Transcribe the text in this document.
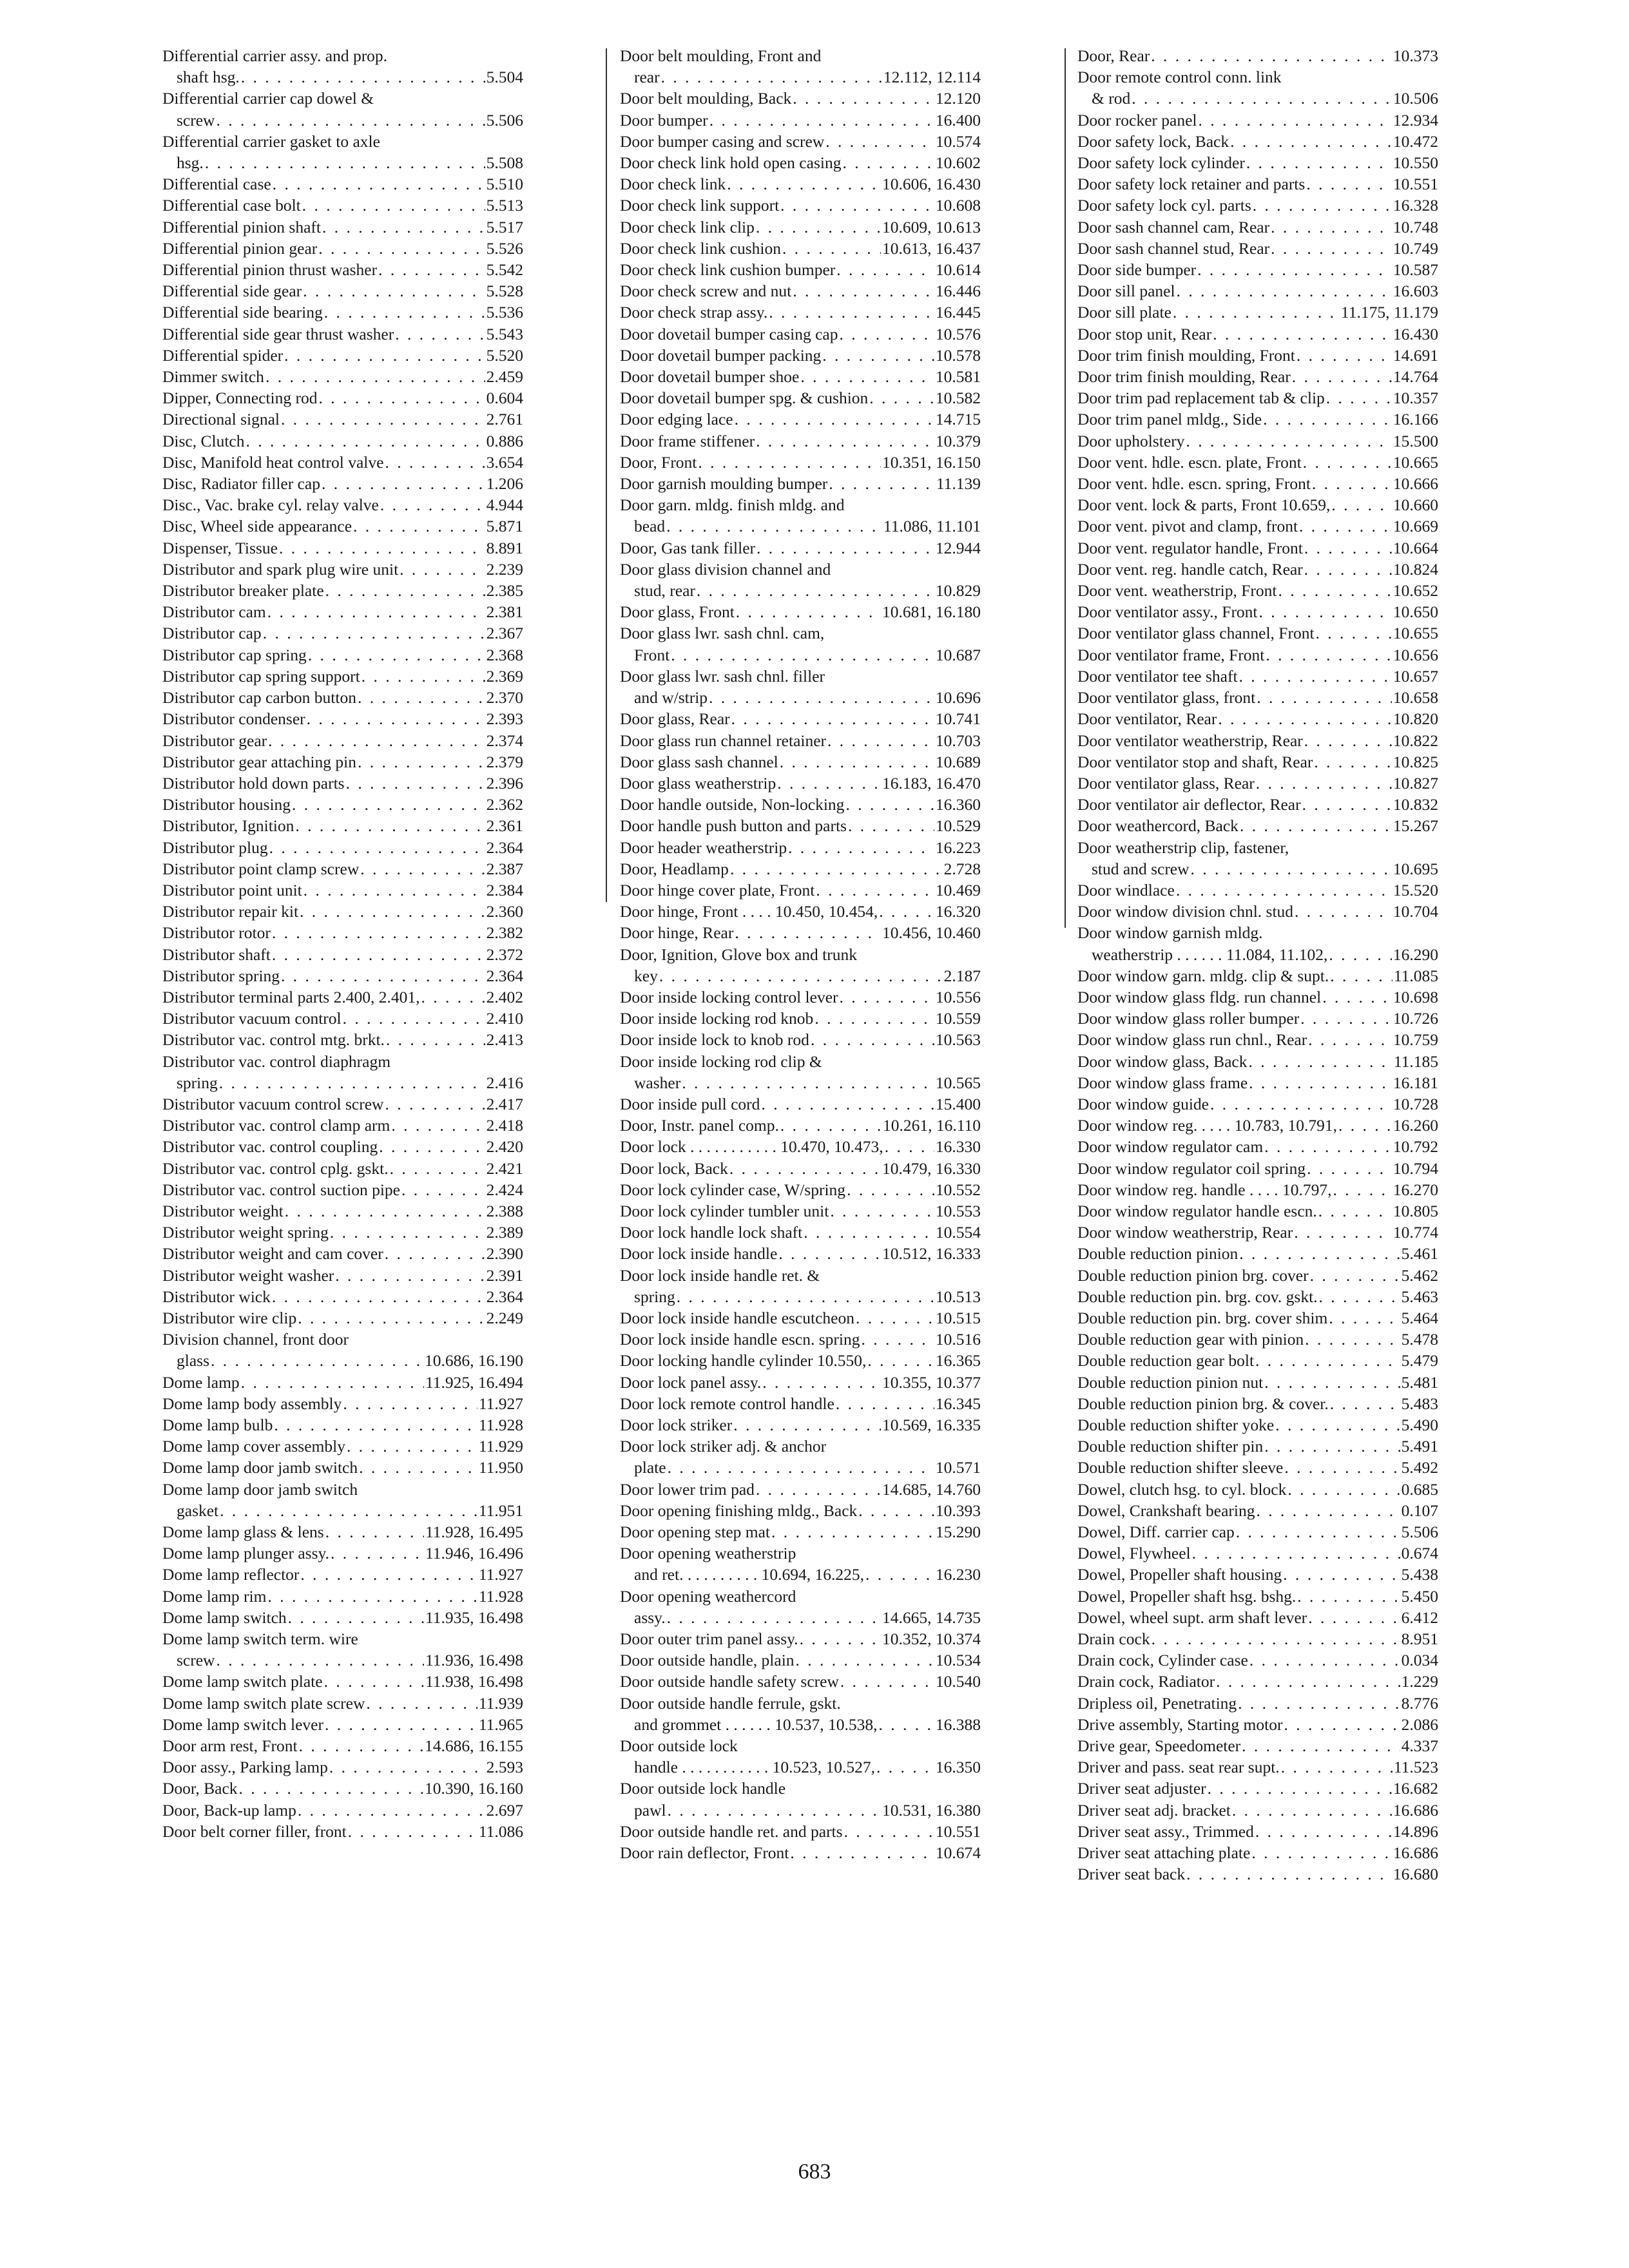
Differential carrier assy. and prop.
shaft hsg. . . .	5.504
Differential carrier cap dowel &
screw . . .	5.506
Differential carrier gasket to axle
hsg. . . .	5.508
Differential case . . .	5.510
Differential case bolt . . .	5.513
Differential pinion shaft . . .	5.517
Differential pinion gear . . .	5.526
Differential pinion thrust washer . . .	5.542
Differential side gear . . .	5.528
Differential side bearing . . .	5.536
Differential side gear thrust washer . . .	5.543
Differential spider . . .	5.520
Dimmer switch . . .	2.459
Dipper, Connecting rod . . .	0.604
Directional signal . . .	2.761
Disc, Clutch . . .	0.886
Disc, Manifold heat control valve . . .	3.654
Disc, Radiator filler cap . . .	1.206
Disc., Vac. brake cyl. relay valve . . .	4.944
Disc, Wheel side appearance . . .	5.871
Dispenser, Tissue . . .	8.891
Distributor and spark plug wire unit . . .	2.239
Distributor breaker plate . . .	2.385
Distributor cam . . .	2.381
Distributor cap . . .	2.367
Distributor cap spring . . .	2.368
Distributor cap spring support . . .	2.369
Distributor cap carbon button . . .	2.370
Distributor condenser . . .	2.393
Distributor gear . . .	2.374
Distributor gear attaching pin . . .	2.379
Distributor hold down parts . . .	2.396
Distributor housing . . .	2.362
Distributor, Ignition . . .	2.361
Distributor plug . . .	2.364
Distributor point clamp screw . . .	2.387
Distributor point unit . . .	2.384
Distributor repair kit . . .	2.360
Distributor rotor . . .	2.382
Distributor shaft . . .	2.372
Distributor spring . . .	2.364
Distributor terminal parts 2.400, 2.401, . . .	2.402
Distributor vacuum control . . .	2.410
Distributor vac. control mtg. brkt. . . .	2.413
Distributor vac. control diaphragm
spring . . .	2.416
Distributor vacuum control screw . . .	2.417
Distributor vac. control clamp arm . . .	2.418
Distributor vac. control coupling . . .	2.420
Distributor vac. control cplg. gskt. . . .	2.421
Distributor vac. control suction pipe . . .	2.424
Distributor weight . . .	2.388
Distributor weight spring . . .	2.389
Distributor weight and cam cover . . .	2.390
Distributor weight washer . . .	2.391
Distributor wick . . .	2.364
Distributor wire clip . . .	2.249
Division channel, front door
glass . . .	10.686, 16.190
Dome lamp . . .	11.925, 16.494
Dome lamp body assembly . . .	11.927
Dome lamp bulb . . .	11.928
Dome lamp cover assembly . . .	11.929
Dome lamp door jamb switch . . .	11.950
Dome lamp door jamb switch
gasket . . .	11.951
Dome lamp glass & lens . . .	11.928, 16.495
Dome lamp plunger assy. . . .	11.946, 16.496
Dome lamp reflector . . .	11.927
Dome lamp rim . . .	11.928
Dome lamp switch . . .	11.935, 16.498
Dome lamp switch term. wire
screw . . .	11.936, 16.498
Dome lamp switch plate . . .	11.938, 16.498
Dome lamp switch plate screw . . .	11.939
Dome lamp switch lever . . .	11.965
Door arm rest, Front . . .	14.686, 16.155
Door assy., Parking lamp . . .	2.593
Door, Back . . .	10.390, 16.160
Door, Back-up lamp . . .	2.697
Door belt corner filler, front . . .	11.086
Door belt moulding, Front and
rear . . .	12.112, 12.114
Door belt moulding, Back . . .	12.120
Door bumper . . .	16.400
Door bumper casing and screw . . .	10.574
Door check link hold open casing . . .	10.602
Door check link . . .	10.606, 16.430
Door check link support . . .	10.608
Door check link clip . . .	10.609, 10.613
Door check link cushion . . .	10.613, 16.437
Door check link cushion bumper . . .	10.614
Door check screw and nut . . .	16.446
Door check strap assy. . . .	16.445
Door dovetail bumper casing cap . . .	10.576
Door dovetail bumper packing . . .	10.578
Door dovetail bumper shoe . . .	10.581
Door dovetail bumper spg. & cushion . . .	10.582
Door edging lace . . .	14.715
Door frame stiffener . . .	10.379
Door, Front . . .	10.351, 16.150
Door garnish moulding bumper . . .	11.139
Door garn. mldg. finish mldg. and
bead . . .	11.086, 11.101
Door, Gas tank filler . . .	12.944
Door glass division channel and
stud, rear . . .	10.829
Door glass, Front . . .	10.681, 16.180
Door glass lwr. sash chnl. cam,
Front . . .	10.687
Door glass lwr. sash chnl. filler
and w/strip . . .	10.696
Door glass, Rear . . .	10.741
Door glass run channel retainer . . .	10.703
Door glass sash channel . . .	10.689
Door glass weatherstrip . . .	16.183, 16.470
Door handle outside, Non-locking . . .	16.360
Door handle push button and parts . . .	10.529
Door header weatherstrip . . .	16.223
Door, Headlamp . . .	2.728
Door hinge cover plate, Front . . .	10.469
Door hinge, Front . . . . 10.450, 10.454, . . .	16.320
Door hinge, Rear . . .	10.456, 10.460
Door, Ignition, Glove box and trunk
key . . .	2.187
Door inside locking control lever . . .	10.556
Door inside locking rod knob . . .	10.559
Door inside lock to knob rod . . .	10.563
Door inside locking rod clip &
washer . . .	10.565
Door inside pull cord . . .	15.400
Door, Instr. panel comp. . . .	10.261, 16.110
Door lock . . . . . . . . . . . 10.470, 10.473, . . .	16.330
Door lock, Back . . .	10.479, 16.330
Door lock cylinder case, W/spring . . .	10.552
Door lock cylinder tumbler unit . . .	10.553
Door lock handle lock shaft . . .	10.554
Door lock inside handle . . .	10.512, 16.333
Door lock inside handle ret. &
spring . . .	10.513
Door lock inside handle escutcheon . . .	10.515
Door lock inside handle escn. spring . . .	10.516
Door locking handle cylinder 10.550, . . .	16.365
Door lock panel assy. . . .	10.355, 10.377
Door lock remote control handle . . .	16.345
Door lock striker . . .	10.569, 16.335
Door lock striker adj. & anchor
plate . . .	10.571
Door lower trim pad . . .	14.685, 14.760
Door opening finishing mldg., Back . . .	10.393
Door opening step mat . . .	15.290
Door opening weatherstrip
and ret. . . . . . . . . . 10.694, 16.225, . . .	16.230
Door opening weathercord
assy. . . .	14.665, 14.735
Door outer trim panel assy. . . .	10.352, 10.374
Door outside handle, plain . . .	10.534
Door outside handle safety screw . . .	10.540
Door outside handle ferrule, gskt.
and grommet . . . . . . 10.537, 10.538, . . .	16.388
Door outside lock
handle . . . . . . . . . . . 10.523, 10.527, . . .	16.350
Door outside lock handle
pawl . . .	10.531, 16.380
Door outside handle ret. and parts . . .	10.551
Door rain deflector, Front . . .	10.674
Door, Rear . . .	10.373
Door remote control conn. link
& rod . . .	10.506
Door rocker panel . . .	12.934
Door safety lock, Back . . .	10.472
Door safety lock cylinder . . .	10.550
Door safety lock retainer and parts . . .	10.551
Door safety lock cyl. parts . . .	16.328
Door sash channel cam, Rear . . .	10.748
Door sash channel stud, Rear . . .	10.749
Door side bumper . . .	10.587
Door sill panel . . .	16.603
Door sill plate . . .	11.175, 11.179
Door stop unit, Rear . . .	16.430
Door trim finish moulding, Front . . .	14.691
Door trim finish moulding, Rear . . .	14.764
Door trim pad replacement tab & clip . . .	10.357
Door trim panel mldg., Side . . .	16.166
Door upholstery . . .	15.500
Door vent. hdle. escn. plate, Front . . .	10.665
Door vent. hdle. escn. spring, Front . . .	10.666
Door vent. lock & parts, Front 10.659, . . .	10.660
Door vent. pivot and clamp, front . . .	10.669
Door vent. regulator handle, Front . . .	10.664
Door vent. reg. handle catch, Rear . . .	10.824
Door vent. weatherstrip, Front . . .	10.652
Door ventilator assy., Front . . .	10.650
Door ventilator glass channel, Front . . .	10.655
Door ventilator frame, Front . . .	10.656
Door ventilator tee shaft . . .	10.657
Door ventilator glass, front . . .	10.658
Door ventilator, Rear . . .	10.820
Door ventilator weatherstrip, Rear . . .	10.822
Door ventilator stop and shaft, Rear . . .	10.825
Door ventilator glass, Rear . . .	10.827
Door ventilator air deflector, Rear . . .	10.832
Door weathercord, Back . . .	15.267
Door weatherstrip clip, fastener,
stud and screw . . .	10.695
Door windlace . . .	15.520
Door window division chnl. stud . . .	10.704
Door window garnish mldg.
weatherstrip . . . . . . 11.084, 11.102, . . .	16.290
Door window garn. mldg. clip & supt. . . .	11.085
Door window glass fldg. run channel . . .	10.698
Door window glass roller bumper . . .	10.726
Door window glass run chnl., Rear . . .	10.759
Door window glass, Back . . .	11.185
Door window glass frame . . .	16.181
Door window guide . . .	10.728
Door window reg. . . . . 10.783, 10.791, . . .	16.260
Door window regulator cam . . .	10.792
Door window regulator coil spring . . .	10.794
Door window reg. handle . . . . 10.797, . . .	16.270
Door window regulator handle escn. . . .	10.805
Door window weatherstrip, Rear . . .	10.774
Double reduction pinion . . .	5.461
Double reduction pinion brg. cover . . .	5.462
Double reduction pin. brg. cov. gskt. . . .	5.463
Double reduction pin. brg. cover shim . . .	5.464
Double reduction gear with pinion . . .	5.478
Double reduction gear bolt . . .	5.479
Double reduction pinion nut . . .	5.481
Double reduction pinion brg. & cover. . . .	5.483
Double reduction shifter yoke . . .	5.490
Double reduction shifter pin . . .	5.491
Double reduction shifter sleeve . . .	5.492
Dowel, clutch hsg. to cyl. block . . .	0.685
Dowel, Crankshaft bearing . . .	0.107
Dowel, Diff. carrier cap . . .	5.506
Dowel, Flywheel . . .	0.674
Dowel, Propeller shaft housing . . .	5.438
Dowel, Propeller shaft hsg. bshg. . . .	5.450
Dowel, wheel supt. arm shaft lever . . .	6.412
Drain cock . . .	8.951
Drain cock, Cylinder case . . .	0.034
Drain cock, Radiator . . .	1.229
Dripless oil, Penetrating . . .	8.776
Drive assembly, Starting motor . . .	2.086
Drive gear, Speedometer . . .	4.337
Driver and pass. seat rear supt. . . .	11.523
Driver seat adjuster . . .	16.682
Driver seat adj. bracket . . .	16.686
Driver seat assy., Trimmed . . .	14.896
Driver seat attaching plate . . .	16.686
Driver seat back . . .	16.680
683
